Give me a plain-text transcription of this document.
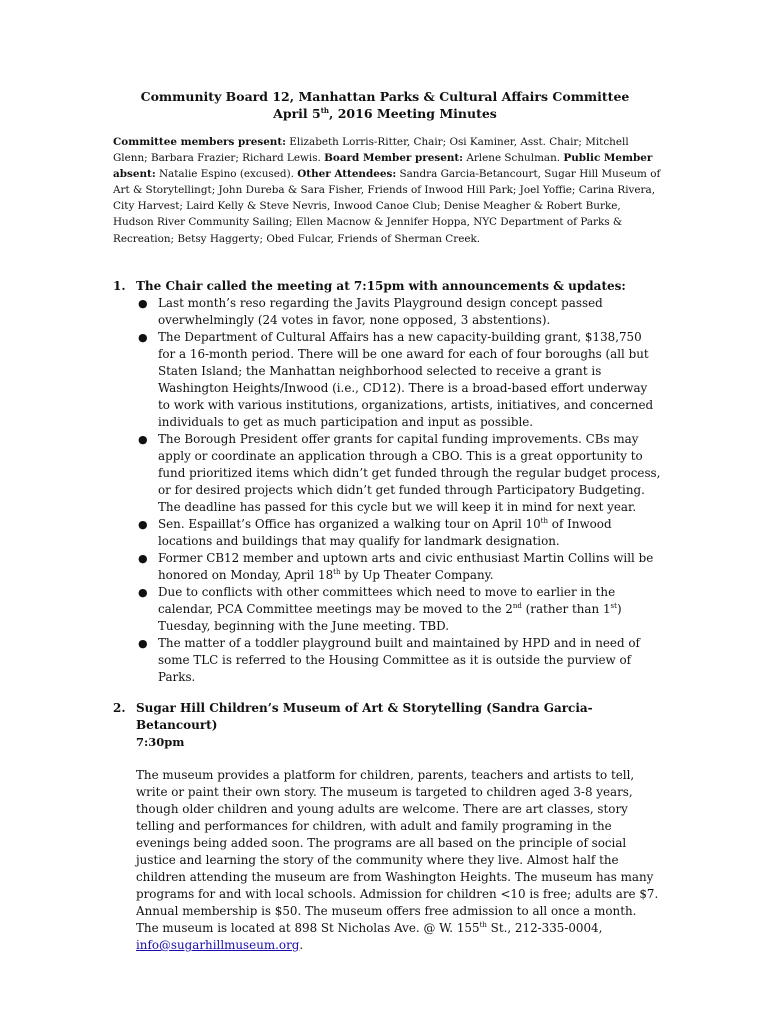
Community Board 12, Manhattan Parks & Cultural Affairs Committee
April 5th, 2016 Meeting Minutes
Committee members present: Elizabeth Lorris-Ritter, Chair; Osi Kaminer, Asst. Chair; Mitchell Glenn; Barbara Frazier; Richard Lewis. Board Member present: Arlene Schulman. Public Member absent: Natalie Espino (excused). Other Attendees: Sandra Garcia-Betancourt, Sugar Hill Museum of Art & Storytellingt; John Dureba & Sara Fisher, Friends of Inwood Hill Park; Joel Yoffie; Carina Rivera, City Harvest; Laird Kelly & Steve Nevris, Inwood Canoe Club; Denise Meagher & Robert Burke, Hudson River Community Sailing; Ellen Macnow & Jennifer Hoppa, NYC Department of Parks & Recreation; Betsy Haggerty; Obed Fulcar, Friends of Sherman Creek.
1. The Chair called the meeting at 7:15pm with announcements & updates:
● Last month’s reso regarding the Javits Playground design concept passed overwhelmingly (24 votes in favor, none opposed, 3 abstentions).
● The Department of Cultural Affairs has a new capacity-building grant, $138,750 for a 16-month period. There will be one award for each of four boroughs (all but Staten Island; the Manhattan neighborhood selected to receive a grant is Washington Heights/Inwood (i.e., CD12). There is a broad-based effort underway to work with various institutions, organizations, artists, initiatives, and concerned individuals to get as much participation and input as possible.
● The Borough President offer grants for capital funding improvements. CBs may apply or coordinate an application through a CBO. This is a great opportunity to fund prioritized items which didn’t get funded through the regular budget process, or for desired projects which didn’t get funded through Participatory Budgeting. The deadline has passed for this cycle but we will keep it in mind for next year.
● Sen. Espaillat’s Office has organized a walking tour on April 10th of Inwood locations and buildings that may qualify for landmark designation.
● Former CB12 member and uptown arts and civic enthusiast Martin Collins will be honored on Monday, April 18th by Up Theater Company.
● Due to conflicts with other committees which need to move to earlier in the calendar, PCA Committee meetings may be moved to the 2nd (rather than 1st) Tuesday, beginning with the June meeting. TBD.
● The matter of a toddler playground built and maintained by HPD and in need of some TLC is referred to the Housing Committee as it is outside the purview of Parks.
2. Sugar Hill Children’s Museum of Art & Storytelling (Sandra Garcia-Betancourt)
7:30pm
The museum provides a platform for children, parents, teachers and artists to tell, write or paint their own story. The museum is targeted to children aged 3-8 years, though older children and young adults are welcome. There are art classes, story telling and performances for children, with adult and family programing in the evenings being added soon. The programs are all based on the principle of social justice and learning the story of the community where they live. Almost half the children attending the museum are from Washington Heights. The museum has many programs for and with local schools. Admission for children <10 is free; adults are $7. Annual membership is $50. The museum offers free admission to all once a month. The museum is located at 898 St Nicholas Ave. @ W. 155th St., 212-335-0004, info@sugarhillmuseum.org.
